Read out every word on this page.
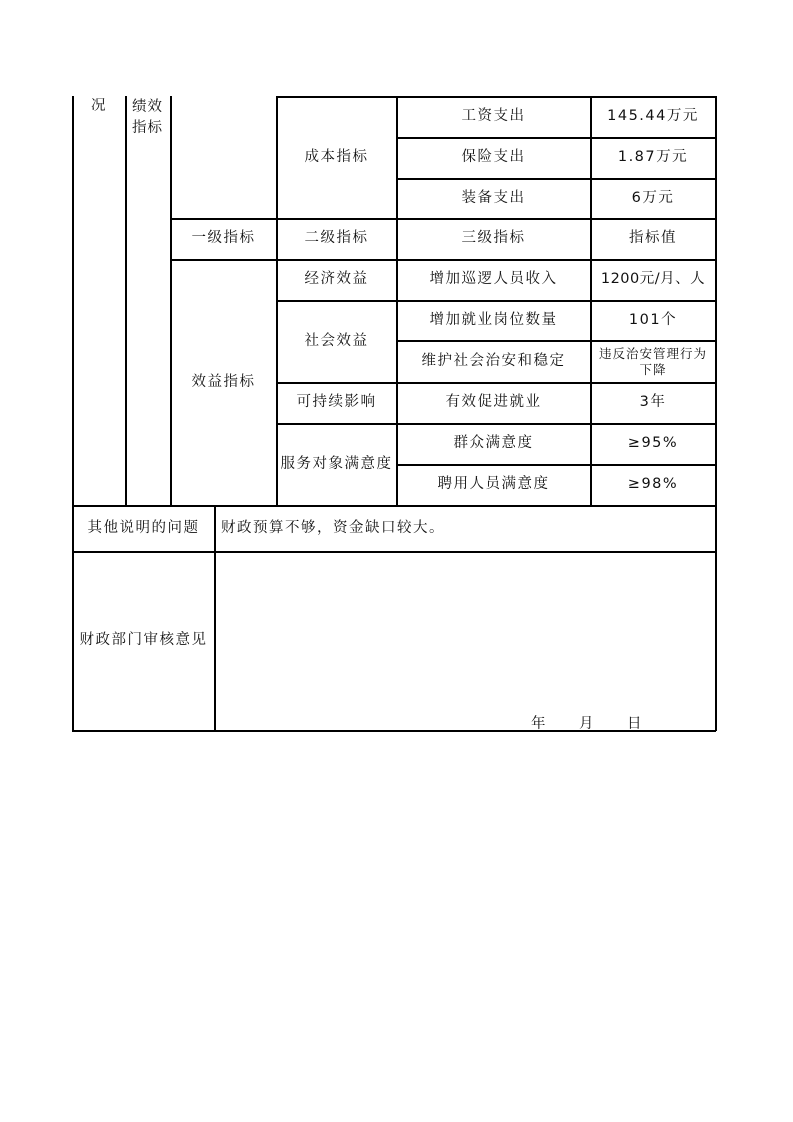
况 绩效
指标
成本指标
工资支出	145.44万元
保险支出	1.87万元
装备支出	6万元
一级指标	二级指标	三级指标	指标值
效益指标
经济效益	增加巡逻人员收入	1200元/月、人
社会效益
增加就业岗位数量	101个
维护社会治安和稳定	违反治安管理行为下降
可持续影响	有效促进就业	3年
服务对象满意度
群众满意度	≥95%
聘用人员满意度	≥98%
其他说明的问题	财政预算不够，资金缺口较大。
财政部门审核意见
年 月 日
